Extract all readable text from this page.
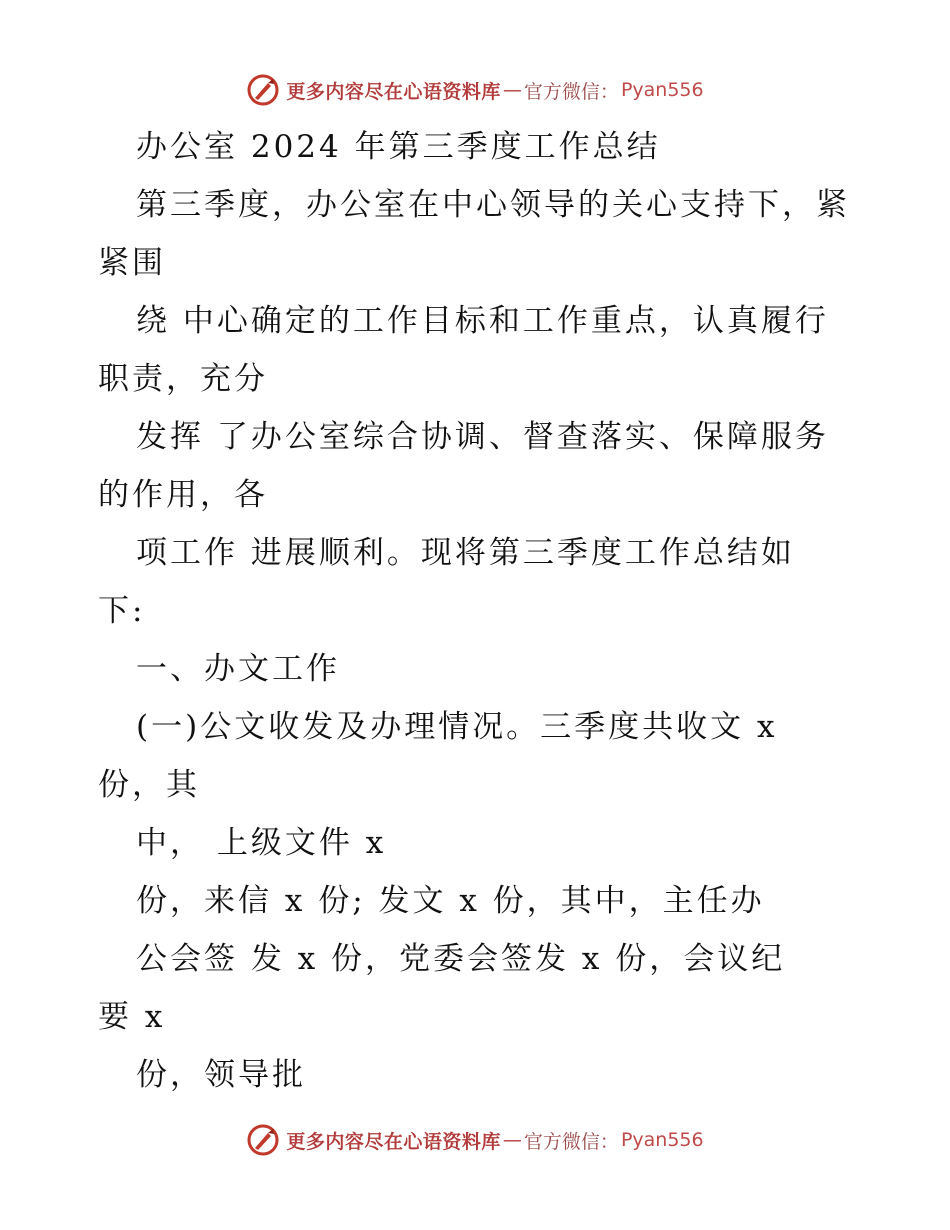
更多内容尽在心语资料库 — 官方微信： Pyan556
办公室 2024 年第三季度工作总结
第三季度，办公室在中心领导的关心支持下，紧
紧围
绕 中心确定的工作目标和工作重点，认真履行
职责，充分
发挥 了办公室综合协调、督查落实、保障服务
的作用，各
项工作 进展顺利。现将第三季度工作总结如
下:
一、办文工作
(一)公文收发及办理情况。三季度共收文 x
份，其
中， 上级文件 x
份，来信 x 份; 发文 x 份，其中，主任办
公会签 发 x 份，党委会签发 x 份，会议纪
要 x
份，领导批
更多内容尽在心语资料库 — 官方微信： Pyan556
